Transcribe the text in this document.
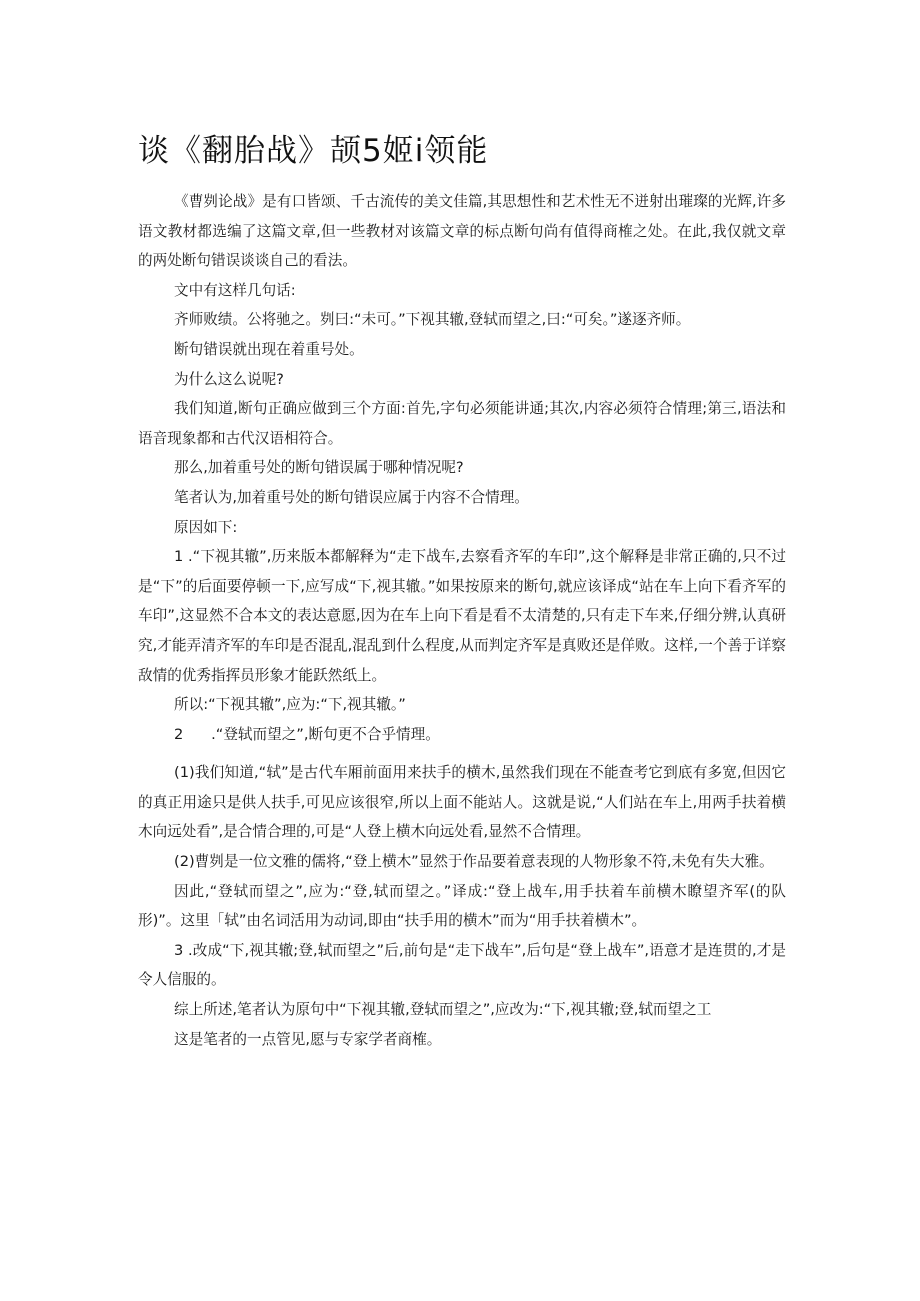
谈《翻胎战》颉5姬i领能

《曹刿论战》是有口皆颂、千古流传的美文佳篇,其思想性和艺术性无不迸射出璀璨的光辉,许多语文教材都选编了这篇文章,但一些教材对该篇文章的标点断句尚有值得商榷之处。在此,我仅就文章的两处断句错误谈谈自己的看法。

文中有这样几句话:

齐师败绩。公将驰之。刿曰:“未可。”下视其辙,登轼而望之,曰:“可矣。”遂逐齐师。

断句错误就出现在着重号处。

为什么这么说呢?

我们知道,断句正确应做到三个方面:首先,字句必须能讲通;其次,内容必须符合情理;第三,语法和语音现象都和古代汉语相符合。

那么,加着重号处的断句错误属于哪种情况呢?

笔者认为,加着重号处的断句错误应属于内容不合情理。

原因如下:

1 .“下视其辙”,历来版本都解释为“走下战车,去察看齐军的车印”,这个解释是非常正确的,只不过是“下”的后面要停顿一下,应写成“下,视其辙。”如果按原来的断句,就应该译成“站在车上向下看齐军的车印”,这显然不合本文的表达意愿,因为在车上向下看是看不太清楚的,只有走下车来,仔细分辨,认真研究,才能弄清齐军的车印是否混乱,混乱到什么程度,从而判定齐军是真败还是佯败。这样,一个善于详察敌情的优秀指挥员形象才能跃然纸上。

所以:“下视其辙”,应为:“下,视其辙。”

2      .“登轼而望之”,断句更不合乎情理。

(1)我们知道,“轼”是古代车厢前面用来扶手的横木,虽然我们现在不能查考它到底有多宽,但因它的真正用途只是供人扶手,可见应该很窄,所以上面不能站人。这就是说,“人们站在车上,用两手扶着横木向远处看”,是合情合理的,可是“人登上横木向远处看,显然不合情理。

(2)曹刿是一位文雅的儒将,“登上横木”显然于作品要着意表现的人物形象不符,未免有失大雅。

因此,“登轼而望之”,应为:“登,轼而望之。”译成:“登上战车,用手扶着车前横木瞭望齐军(的队形)”。这里「轼”由名词活用为动词,即由“扶手用的横木”而为“用手扶着横木”。

3 .改成“下,视其辙;登,轼而望之”后,前句是“走下战车”,后句是“登上战车”,语意才是连贯的,才是令人信服的。

综上所述,笔者认为原句中“下视其辙,登轼而望之”,应改为:“下,视其辙;登,轼而望之工

这是笔者的一点管见,愿与专家学者商榷。
